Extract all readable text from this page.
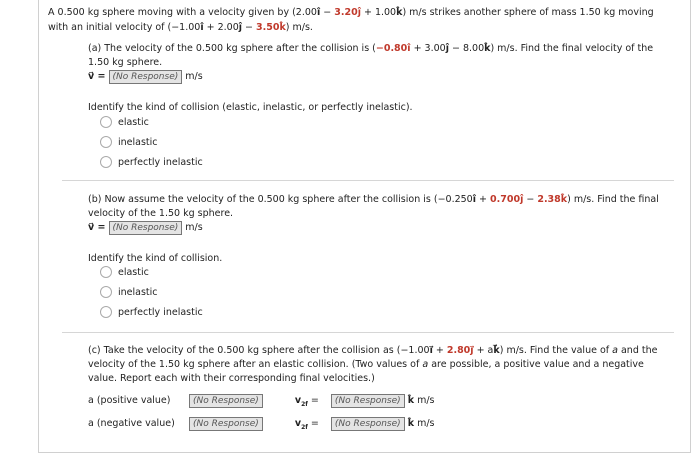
A 0.500 kg sphere moving with a velocity given by (2.00î − 3.20ĵ + 1.00k̂) m/s strikes another sphere of mass 1.50 kg moving
with an initial velocity of (−1.00î + 2.00ĵ − 3.50k̂) m/s.
(a) The velocity of the 0.500 kg sphere after the collision is (−0.80î + 3.00ĵ − 8.00k̂) m/s. Find the final velocity of the
1.50 kg sphere.
v⃗ = (No Response) m/s
Identify the kind of collision (elastic, inelastic, or perfectly inelastic).
elastic
inelastic
perfectly inelastic
(b) Now assume the velocity of the 0.500 kg sphere after the collision is (−0.250î + 0.700ĵ − 2.38k̂) m/s. Find the final
velocity of the 1.50 kg sphere.
v⃗ = (No Response) m/s
Identify the kind of collision.
elastic
inelastic
perfectly inelastic
(c) Take the velocity of the 0.500 kg sphere after the collision as (−1.00i⃗ + 2.80j⃗ + ak⃗) m/s. Find the value of a and the
velocity of the 1.50 kg sphere after an elastic collision. (Two values of a are possible, a positive value and a negative
value. Report each with their corresponding final velocities.)
a (positive value)	(No Response)	$v_{2f} = (No$ Response) k̂ m/s
a (negative value) (No Response)	$v_{2f} = (No$ Response) k̂ m/s
